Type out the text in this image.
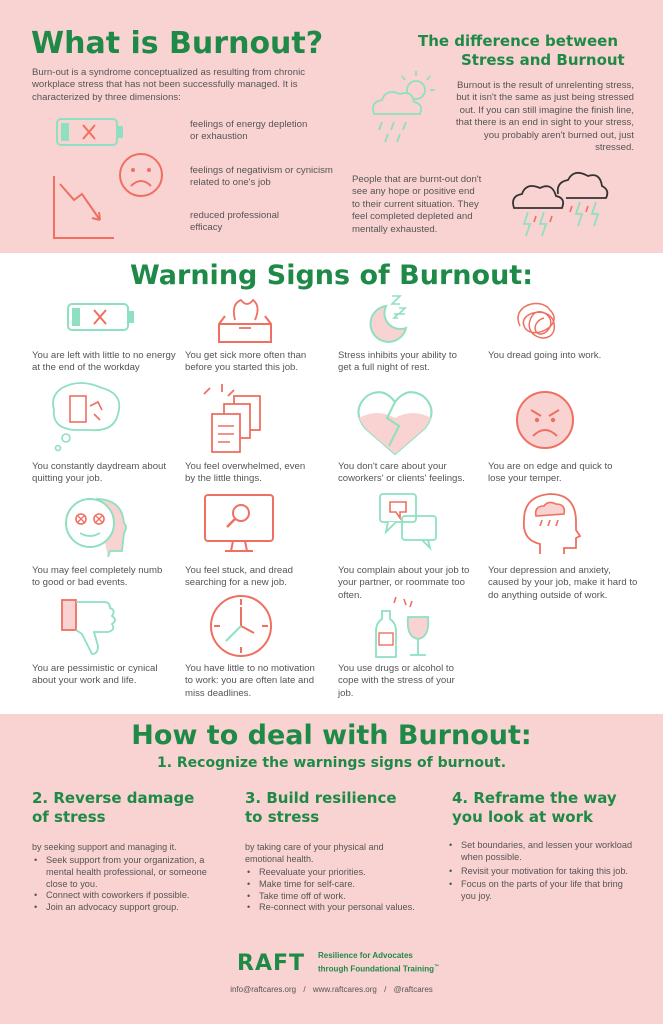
What is Burnout?
Burn-out is a syndrome conceptualized as resulting from chronic workplace stress that has not been successfully managed. It is characterized by three dimensions:
feelings of energy depletion or exhaustion
feelings of negativism or cynicism related to one's job
reduced professional efficacy
The difference between
Stress and Burnout
Burnout is the result of unrelenting stress, but it isn't the same as just being stressed out. If you can still imagine the finish line, that there is an end in sight to your stress, you probably aren't burned out, just stressed.
People that are burnt-out don't see any hope or positive end to their current situation. They feel completed depleted and mentally exhausted.
Warning Signs of Burnout:
You are left with little to no energy at the end of the workday
You get sick more often than before you started this job.
Stress inhibits your ability to get a full night of rest.
You dread going into work.
You constantly daydream about quitting your job.
You feel overwhelmed, even by the little things.
You don't care about your coworkers' or clients' feelings.
You are on edge and quick to lose your temper.
You may feel completely numb to good or bad events.
You feel stuck, and dread searching for a new job.
You complain about your job to your partner, or roommate too often.
Your depression and anxiety, caused by your job, make it hard to do anything outside of work.
You are pessimistic or cynical about your work and life.
You have little to no motivation to work: you are often late and miss deadlines.
You use drugs or alcohol to cope with the stress of your job.
How to deal with Burnout:
1. Recognize the warnings signs of burnout.
2. Reverse damage
of stress
by seeking support and managing it.
• Seek support from your organization, a mental health professional, or someone close to you.
• Connect with coworkers if possible.
• Join an advocacy support group.
3. Build resilience
to stress
by taking care of your physical and emotional health.
• Reevaluate your priorities.
• Make time for self-care.
• Take time off of work.
• Re-connect with your personal values.
4. Reframe the way
you look at work
• Set boundaries, and lessen your workload when possible.
• Revisit your motivation for taking this job.
• Focus on the parts of your life that bring you joy.
RAFT Resilience for Advocates
through Foundational Training™
info@raftcares.org / www.raftcares.org / @raftcares
